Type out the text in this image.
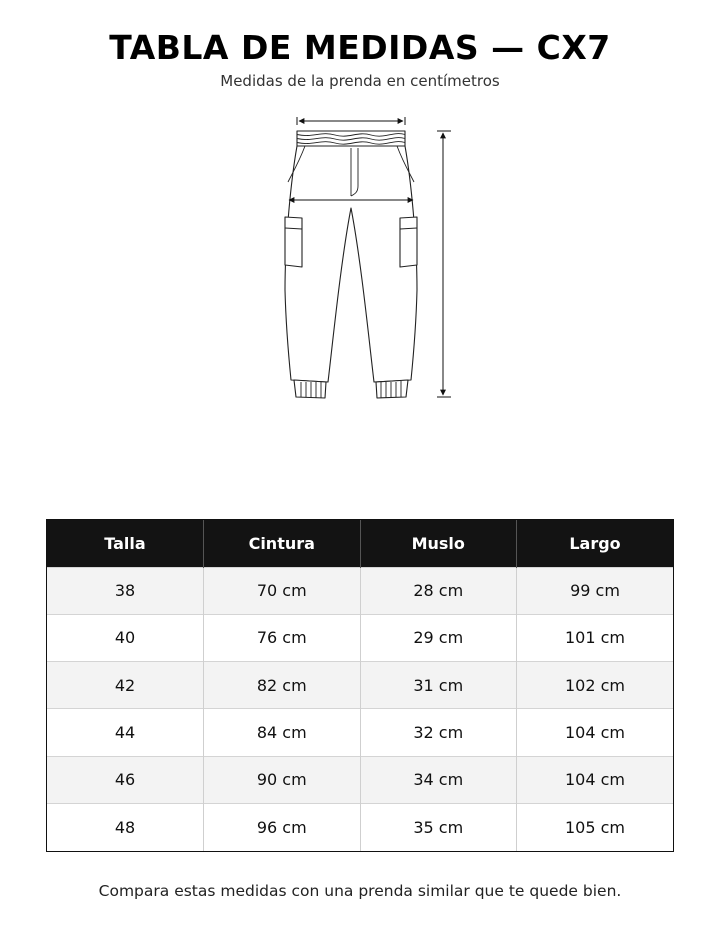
TABLA DE MEDIDAS — CX7
Medidas de la prenda en centímetros
Talla	Cintura	Muslo	Largo
38	70 cm	28 cm	99 cm
40	76 cm	29 cm	101 cm
42	82 cm	31 cm	102 cm
44	84 cm	32 cm	104 cm
46	90 cm	34 cm	104 cm
48	96 cm	35 cm	105 cm
Compara estas medidas con una prenda similar que te quede bien.
